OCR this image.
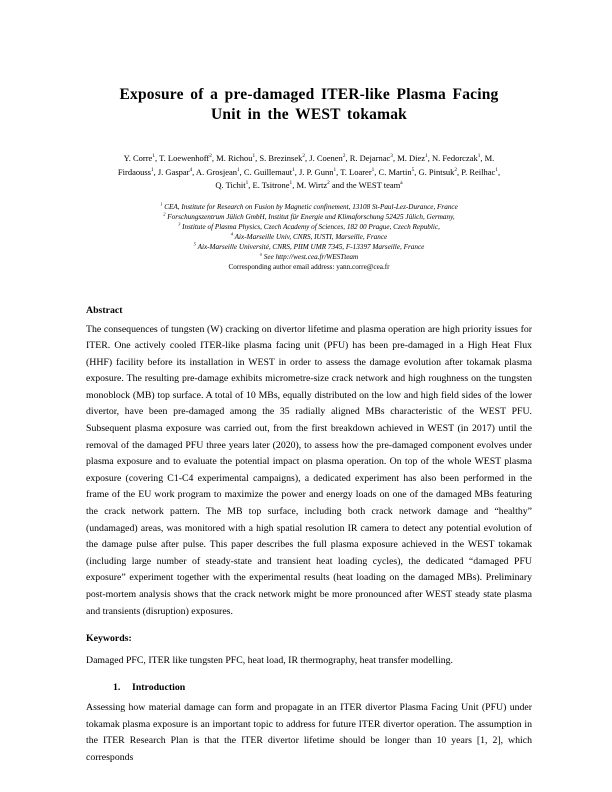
Exposure of a pre-damaged ITER-like Plasma Facing
Unit in the WEST tokamak
Y. Corre$^1$, T. Loewenhoff$^2$, M. Richou$^1$, S. Brezinsek$^2$, J. Coenen$^2$, R. Dejarnac$^3$, M. Diez$^1$, N. Fedorczak$^1$, M.
Firdaouss$^1$, J. Gaspar$^4$, A. Grosjean$^1$, C. Guillemaut$^1$, J. P. Gunn$^1$, T. Loarer$^1$, C. Martin$^5$, G. Pintsuk$^2$, P. Reilhac$^1$,
Q. Tichit$^1$, E. Tsitrone$^1$, M. Wirtz$^2$ and the WEST team$^a$
$^1$ CEA, Institute for Research on Fusion by Magnetic confinement, 13108 St-Paul-Lez-Durance, France
$^2$ Forschungszentrum Jülich GmbH, Institut für Energie und Klimaforschung 52425 Jülich, Germany,
$^3$ Institute of Plasma Physics, Czech Academy of Sciences, 182 00 Prague, Czech Republic,
$^4$ Aix-Marseille Univ, CNRS, IUSTI, Marseille, France
$^5$ Aix-Marseille Université, CNRS, PIIM UMR 7345, F-13397 Marseille, France
$^a$ See http://west.cea.fr/WESTteam
Corresponding author email address: yann.corre@cea.fr
Abstract
The consequences of tungsten (W) cracking on divertor lifetime and plasma operation are high priority issues for ITER. One actively cooled ITER-like plasma facing unit (PFU) has been pre-damaged in a High Heat Flux (HHF) facility before its installation in WEST in order to assess the damage evolution after tokamak plasma exposure. The resulting pre-damage exhibits micrometre-size crack network and high roughness on the tungsten monoblock (MB) top surface. A total of 10 MBs, equally distributed on the low and high field sides of the lower divertor, have been pre-damaged among the 35 radially aligned MBs characteristic of the WEST PFU. Subsequent plasma exposure was carried out, from the first breakdown achieved in WEST (in 2017) until the removal of the damaged PFU three years later (2020), to assess how the pre-damaged component evolves under plasma exposure and to evaluate the potential impact on plasma operation. On top of the whole WEST plasma exposure (covering C1-C4 experimental campaigns), a dedicated experiment has also been performed in the frame of the EU work program to maximize the power and energy loads on one of the damaged MBs featuring the crack network pattern. The MB top surface, including both crack network damage and “healthy” (undamaged) areas, was monitored with a high spatial resolution IR camera to detect any potential evolution of the damage pulse after pulse. This paper describes the full plasma exposure achieved in the WEST tokamak (including large number of steady-state and transient heat loading cycles), the dedicated “damaged PFU exposure” experiment together with the experimental results (heat loading on the damaged MBs). Preliminary post-mortem analysis shows that the crack network might be more pronounced after WEST steady state plasma and transients (disruption) exposures.
Keywords:
Damaged PFC, ITER like tungsten PFC, heat load, IR thermography, heat transfer modelling.
1. Introduction
Assessing how material damage can form and propagate in an ITER divertor Plasma Facing Unit (PFU) under tokamak plasma exposure is an important topic to address for future ITER divertor operation. The assumption in the ITER Research Plan is that the ITER divertor lifetime should be longer than 10 years [1, 2], which corresponds
